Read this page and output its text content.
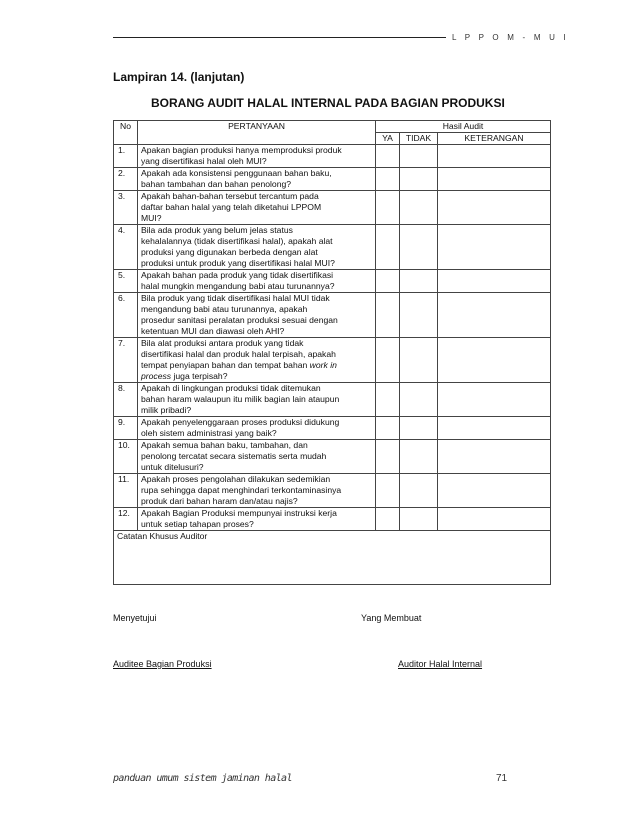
L P P O M - M U I
Lampiran 14. (lanjutan)
BORANG AUDIT HALAL INTERNAL PADA BAGIAN PRODUKSI
No	PERTANYAAN	Hasil Audit		
		YA	TIDAK	KETERANGAN
1.	Apakan bagian produksi hanya memproduksi produk
yang disertifikasi halal oleh MUI?			

2.	Apakah ada konsistensi penggunaan bahan baku,
bahan tambahan dan bahan penolong?			

3.	Apakah bahan-bahan tersebut tercantum pada
daftar bahan halal yang telah diketahui LPPOM
MUI?			

4.	Bila ada produk yang belum jelas status
kehalalannya (tidak disertifikasi halal), apakah alat
produksi yang digunakan berbeda dengan alat
produksi untuk produk yang disertifikasi halal MUI?			

5.	Apakah bahan pada produk yang tidak disertifikasi
halal mungkin mengandung babi atau turunannya?			

6.	Bila produk yang tidak disertifikasi halal MUI tidak
mengandung babi atau turunannya, apakah
prosedur sanitasi peralatan produksi sesuai dengan
ketentuan MUI dan diawasi oleh AHI?			

7.	Bila alat produksi antara produk yang tidak
disertifikasi halal dan produk halal terpisah, apakah
tempat penyiapan bahan dan tempat bahan work in
process juga terpisah?			

8.	Apakah di lingkungan produksi tidak ditemukan
bahan haram walaupun itu milik bagian lain ataupun
milik pribadi?			

9.	Apakah penyelenggaraan proses produksi didukung
oleh sistem administrasi yang baik?			

10.	Apakah semua bahan baku, tambahan, dan
penolong tercatat secara sistematis serta mudah
untuk ditelusuri?			

11.	Apakah proses pengolahan dilakukan sedemikian
rupa sehingga dapat menghindari terkontaminasinya
produk dari bahan haram dan/atau najis?			

12.	Apakah Bagian Produksi mempunyai instruksi kerja
untuk setiap tahapan proses?			

Catatan Khusus Auditor				
Menyetujui	Yang Membuat
Auditee Bagian Produksi	Auditor Halal Internal
panduan umum sistem jaminan halal	71
